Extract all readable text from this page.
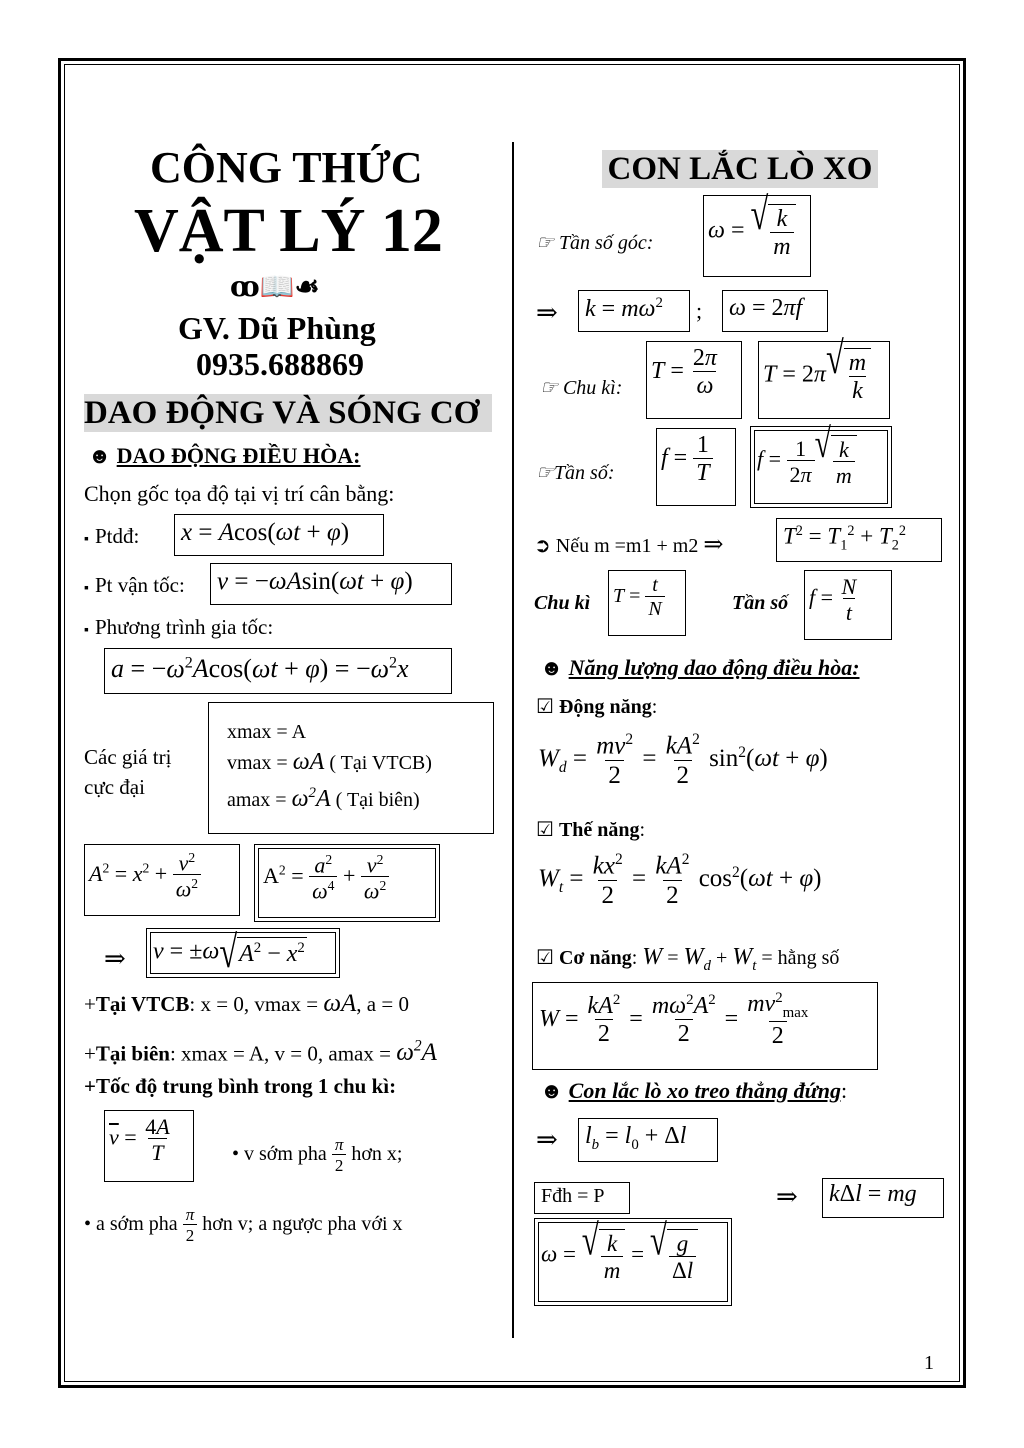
CÔNG THỨC
VẬT LÝ 12
ꝏ📖☙
GV. Dũ Phùng
0935.688869
DAO ĐỘNG VÀ SÓNG CƠ
☻ DAO ĐỘNG ĐIỀU HÒA:
Chọn gốc tọa độ tại vị trí cân bằng:
▪ Ptdđ: x = Acos(ωt + φ)
▪ Pt vận tốc: v = −ωAsin(ωt + φ)
▪ Phương trình gia tốc:
$a = -\omega^2Acos(\omega t + \varphi) = -\omega^2x$
Các giá trị
cực đại
xmax = A
vmax = ωA ( Tại VTCB)
$amax = \omega^2A$ ( Tại biên)
$A^2 = x^2 + \frac{v^2}{\omega^2}$	$A^2 = \frac{a^2}{\omega^4} + \frac{v^2}{\omega^2}$
⇒ v = ±ω √ $A^2 - x^2$
+Tại VTCB: x = 0, vmax = ωA, a = 0
+Tại biên: xmax = A, v = 0, $amax = \omega^2A$
+Tốc độ trung bình trong 1 chu kì:
$\overline{v} = \frac{4A}{T}$	• v sớm pha $\frac{\pi}{2}$ hơn x;
• a sớm pha $\frac{\pi}{2}$ hơn v; a ngược pha với x
CON LẮC LÒ XO
☞ Tần số góc: ω = √ $\frac{k}{m}$
⇒ $k = m\omega^2$	; ω = 2πf
☞ Chu kì:
$T = \frac{2\pi}{\omega}$ T = 2π √ $\frac{m}{k}$
☞Tần số:
$f = \frac{1}{T}$	$f = \frac{1}{2\pi}$ √ $\frac{k}{m}$
➲ Nếu m =m1 + m2 ⇒	$T^2 = T_1^2 + T_2^2$
Chu kì $T = \frac{t}{N}$	Tần số $f = \frac{N}{t}$
☻ Năng lượng dao động điều hòa:
☑ Động năng:
$W_d = \frac{mv^2}{2} = \frac{kA^2}{2} \sin^2(\omega t + \varphi)$
☑ Thế năng:
$W_t = \frac{kx^2}{2} = \frac{kA^2}{2} \cos^2(\omega t + \varphi)$
☑ Cơ năng: $W = W_d + W_t$ = hằng số
$W = \frac{kA^2}{2} = \frac{m\omega^2A^2}{2} = \frac{mv^2_{max}}{2}$
☻ Con lắc lò xo treo thẳng đứng:
⇒ $l_b = l_0 + \Delta l$
Fđh = P	⇒ kΔl = mg
ω = √ $\frac{k}{m}$ = √ $\frac{g}{\Delta l}$
1
